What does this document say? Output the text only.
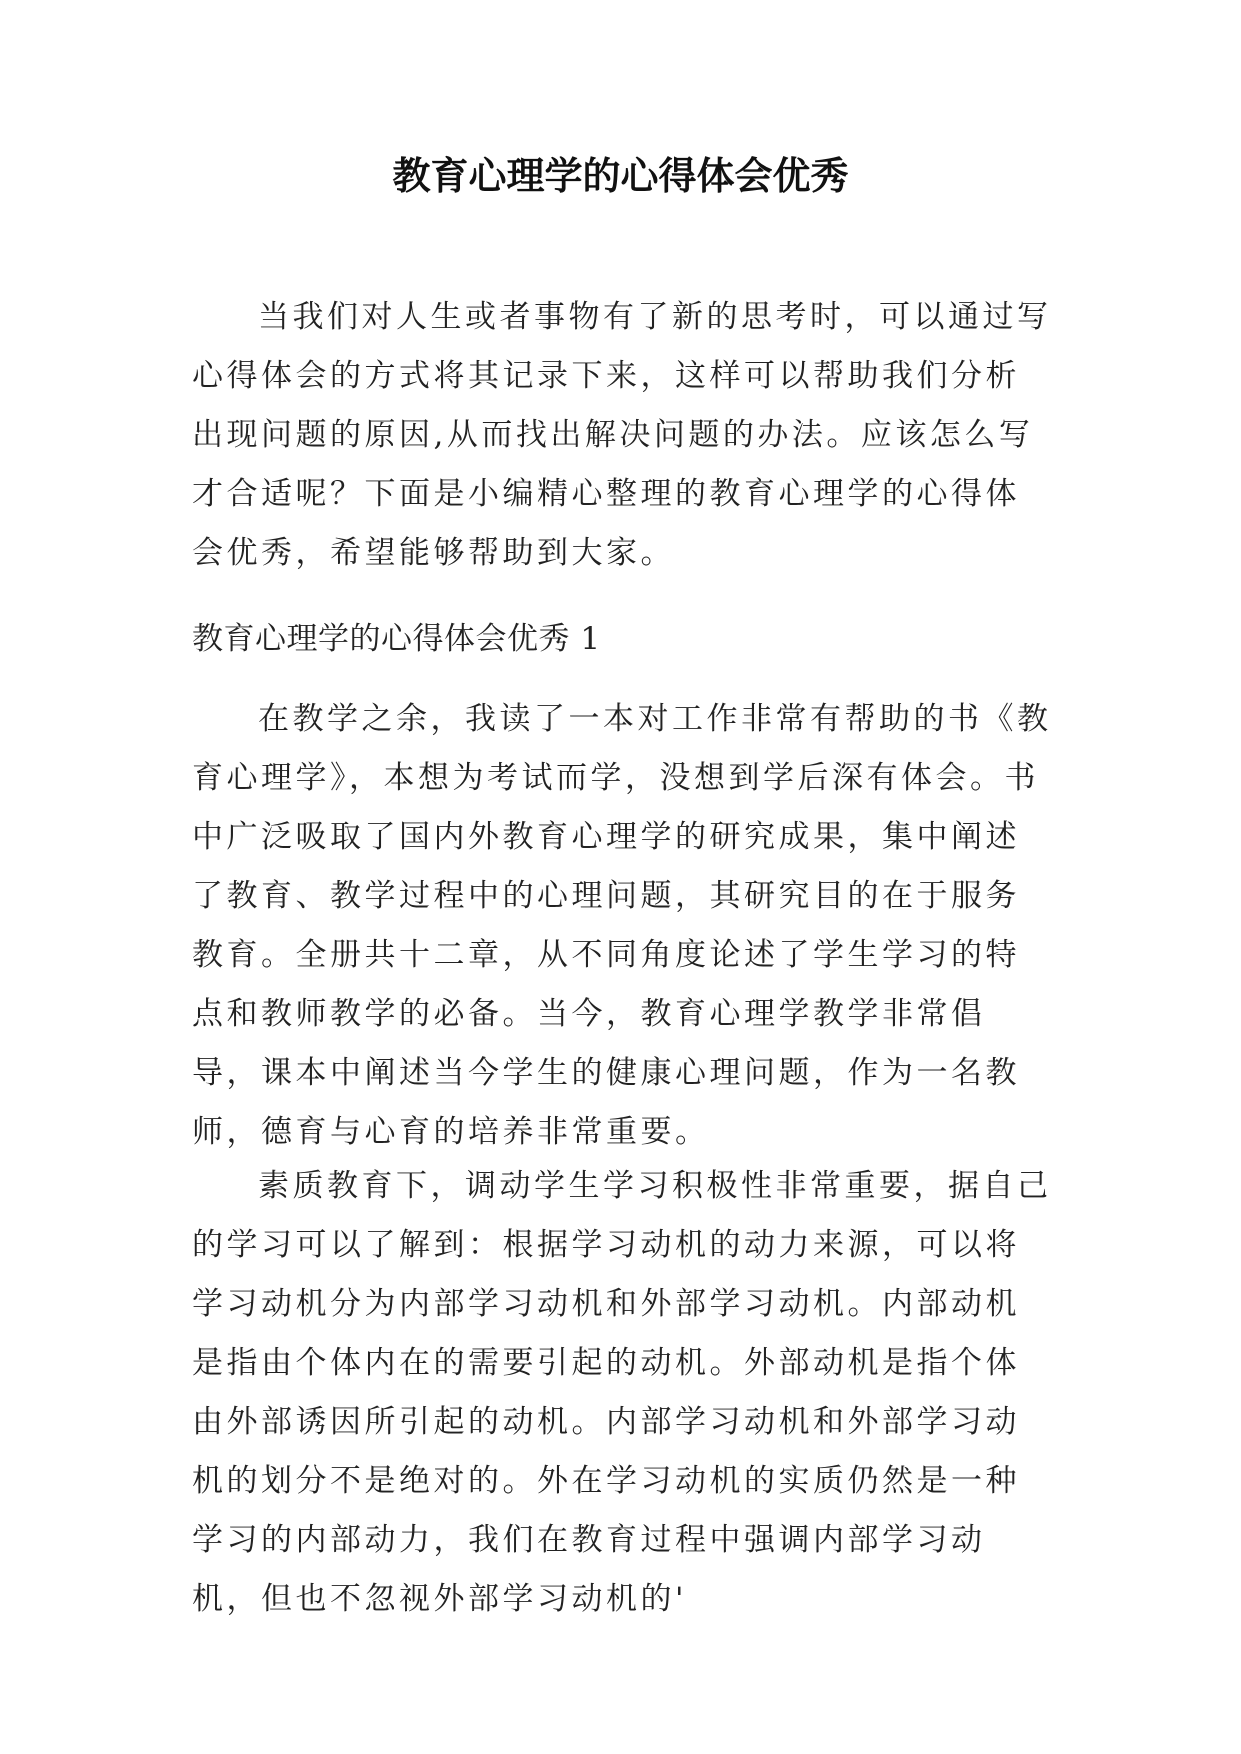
教育心理学的心得体会优秀

当我们对人生或者事物有了新的思考时，可以通过写心得体会的方式将其记录下来，这样可以帮助我们分析出现问题的原因,从而找出解决问题的办法。应该怎么写才合适呢？下面是小编精心整理的教育心理学的心得体会优秀，希望能够帮助到大家。

教育心理学的心得体会优秀 1

在教学之余，我读了一本对工作非常有帮助的书《教育心理学》，本想为考试而学，没想到学后深有体会。书中广泛吸取了国内外教育心理学的研究成果，集中阐述了教育、教学过程中的心理问题，其研究目的在于服务教育。全册共十二章，从不同角度论述了学生学习的特点和教师教学的必备。当今，教育心理学教学非常倡导，课本中阐述当今学生的健康心理问题，作为一名教师，德育与心育的培养非常重要。

素质教育下，调动学生学习积极性非常重要，据自己的学习可以了解到：根据学习动机的动力来源，可以将学习动机分为内部学习动机和外部学习动机。内部动机是指由个体内在的需要引起的动机。外部动机是指个体由外部诱因所引起的动机。内部学习动机和外部学习动机的划分不是绝对的。外在学习动机的实质仍然是一种学习的内部动力，我们在教育过程中强调内部学习动机，但也不忽视外部学习动机的'
